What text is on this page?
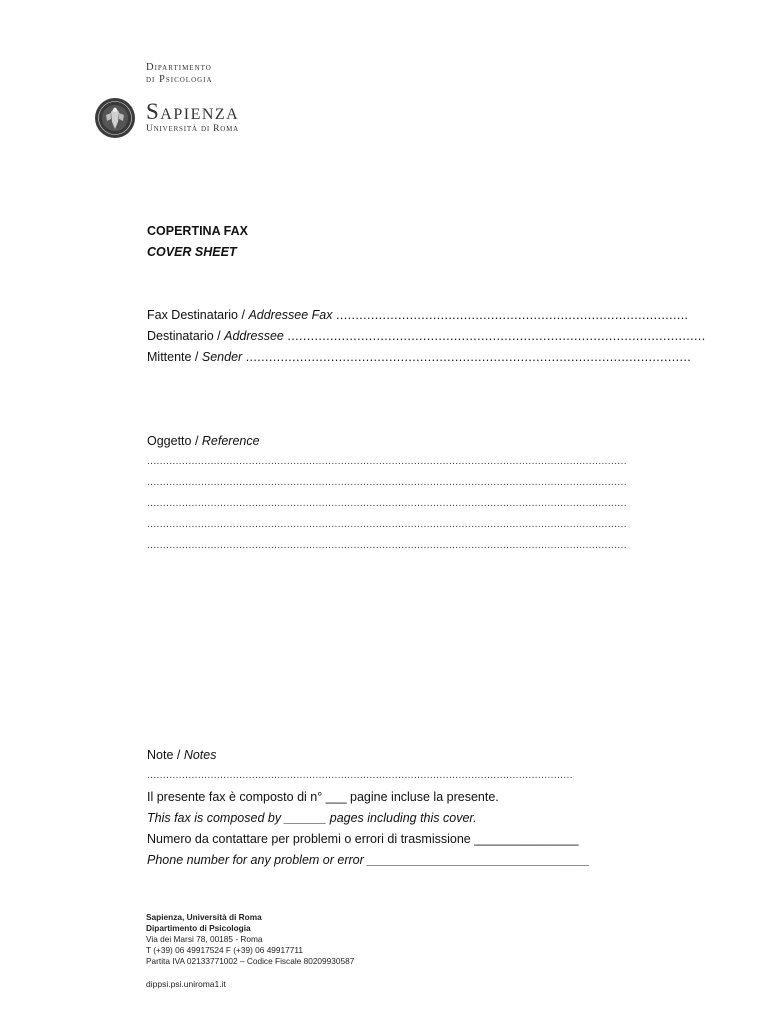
Dipartimento
di Psicologia
Sapienza
Università di Roma
COPERTINA FAX
COVER SHEET
Fax Destinatario / Addressee Fax ...........................................................................................
Destinatario / Addressee ............................................................................................................
Mittente / Sender ...................................................................................................................
Oggetto / Reference
.......................................................................................................................................................
.......................................................................................................................................................
.......................................................................................................................................................
.......................................................................................................................................................
.......................................................................................................................................................
Note / Notes
......................................................................................................................................
Il presente fax è composto di n° ___ pagine incluse la presente.
This fax is composed by ______ pages including this cover.
Numero da contattare per problemi o errori di trasmissione _______________
Phone number for any problem or error ________________________________
Sapienza, Università di Roma
Dipartimento di Psicologia
Via dei Marsi 78, 00185 - Roma
T (+39) 06 49917524 F (+39) 06 49917711
Partita IVA 02133771002 – Codice Fiscale 80209930587
dippsi.psi.uniroma1.it
